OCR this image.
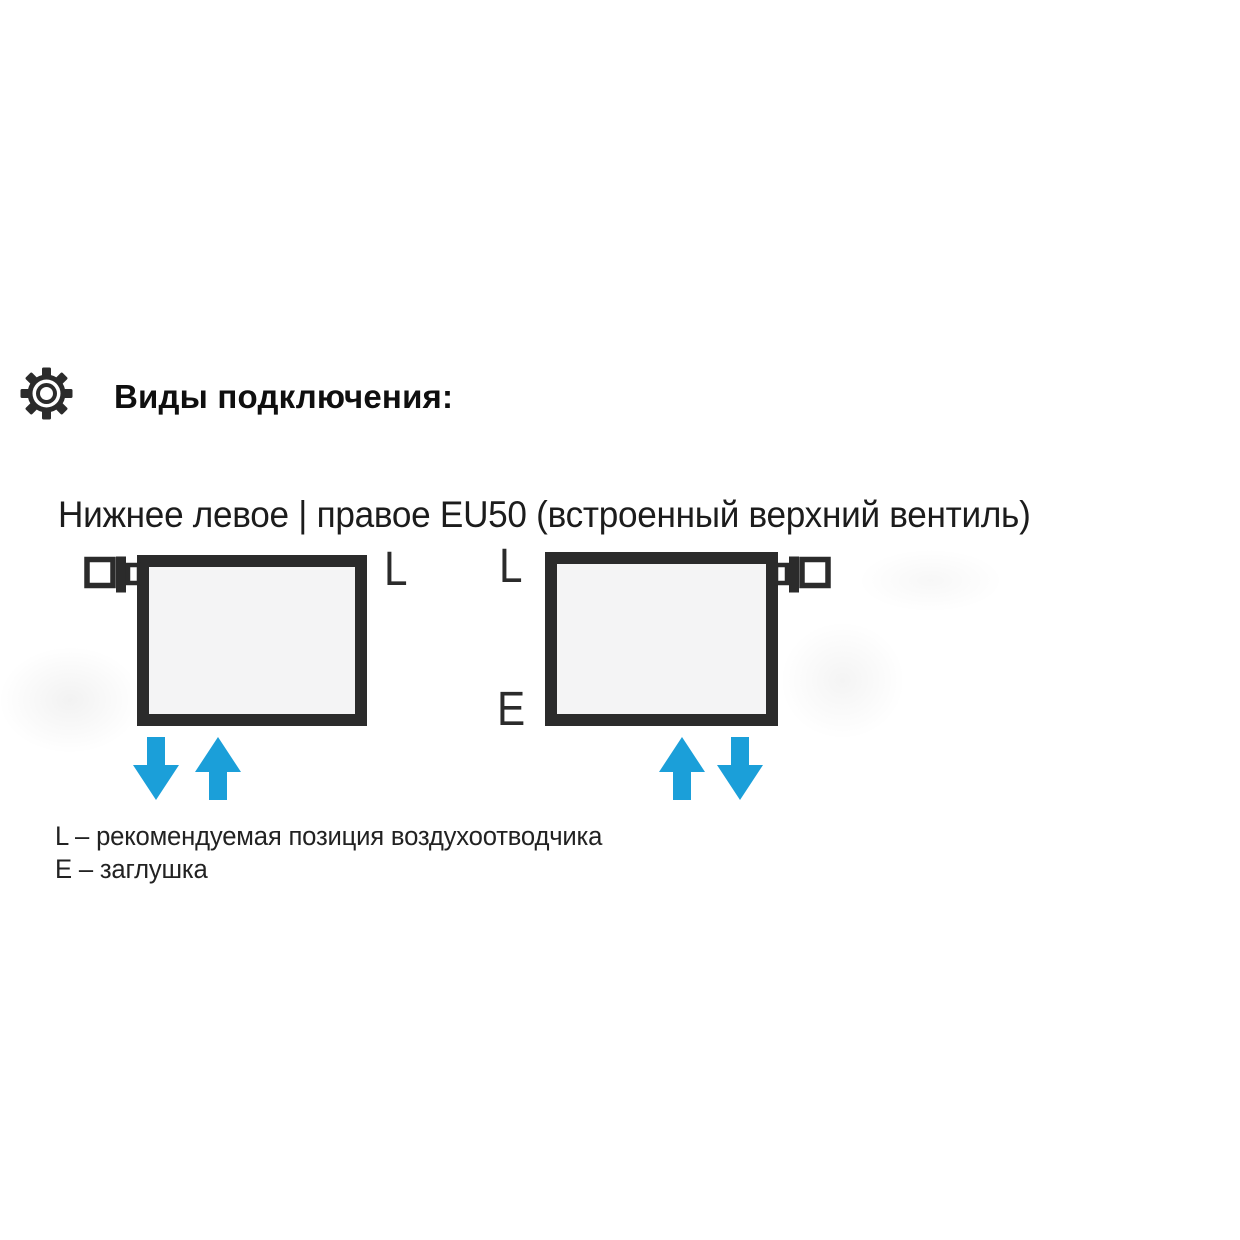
Виды подключения:
Нижнее левое | правое EU50 (встроенный верхний вентиль)
L L
E
L – рекомендуемая позиция воздухоотводчика
E – заглушка
